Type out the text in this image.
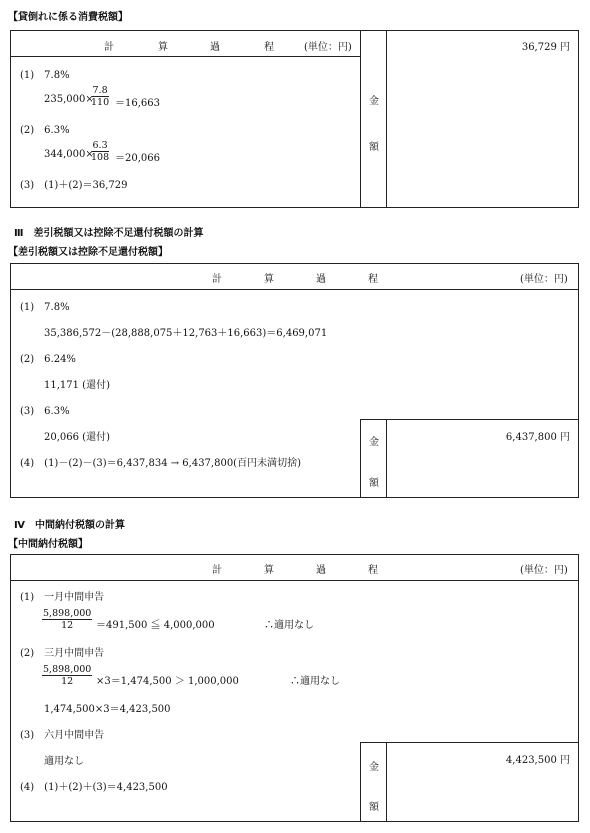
【貸倒れに係る消費税額】
計	算	過	程	(単位：円)
(1)　7.8%
235,000×
$\frac{7.8}{110} =16,663$
(2)　6.3%
344,000×
$\frac{6.3}{108} =20,066$
(3)　(1)＋(2)＝36,729
金
額
36,729 円
Ⅲ　差引税額又は控除不足還付税額の計算
【差引税額又は控除不足還付税額】
計	算	過	程	(単位：円)
(1)　7.8%
35,386,572－(28,888,075＋12,763＋16,663)＝6,469,071
(2)　6.24%
11,171 (還付)
(3)　6.3%
20,066 (還付)
(4)　(1)－(2)－(3)＝6,437,834 → 6,437,800(百円未満切捨)
金
額
6,437,800 円
Ⅳ　中間納付税額の計算
【中間納付税額】
計	算	過	程	(単位：円)
(1)　一月中間申告
$\frac{5,898,000}{12} =491,500$ ≦ 4,000,000	∴適用なし
(2)　三月中間申告
$\frac{5,898,000}{12} \times 3=1,474,500 > 1,000,000$	∴適用なし
1,474,500×3＝4,423,500
(3)　六月中間申告
適用なし
(4)　(1)＋(2)＋(3)＝4,423,500
金
額
4,423,500 円
